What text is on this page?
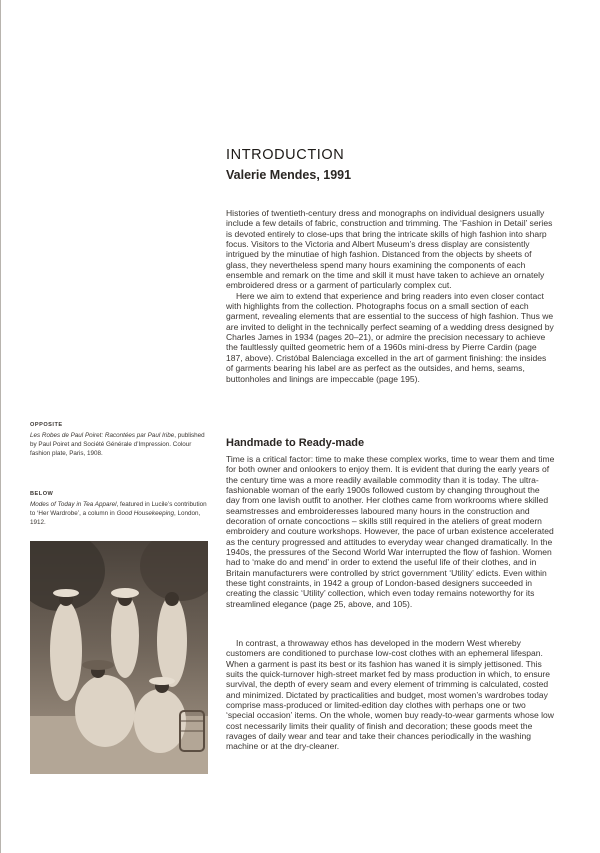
INTRODUCTION
Valerie Mendes, 1991

Histories of twentieth-century dress and monographs on individual designers usually include a few details of fabric, construction and trimming. The ‘Fashion in Detail’ series is devoted entirely to close-ups that bring the intricate skills of high fashion into sharp focus. Visitors to the Victoria and Albert Museum’s dress display are consistently intrigued by the minutiae of high fashion. Distanced from the objects by sheets of glass, they nevertheless spend many hours examining the components of each ensemble and remark on the time and skill it must have taken to achieve an ornately embroidered dress or a garment of particularly complex cut.

Here we aim to extend that experience and bring readers into even closer contact with highlights from the collection. Photographs focus on a small section of each garment, revealing elements that are essential to the success of high fashion. Thus we are invited to delight in the technically perfect seaming of a wedding dress designed by Charles James in 1934 (pages 20–21), or admire the precision necessary to achieve the faultlessly quilted geometric hem of a 1960s mini-dress by Pierre Cardin (page 187, above). Cristóbal Balenciaga excelled in the art of garment finishing: the insides of garments bearing his label are as perfect as the outsides, and hems, seams, buttonholes and linings are impeccable (page 195).

Handmade to Ready-made

Time is a critical factor: time to make these complex works, time to wear them and time for both owner and onlookers to enjoy them. It is evident that during the early years of the century time was a more readily available commodity than it is today. The ultra-fashionable woman of the early 1900s followed custom by changing throughout the day from one lavish outfit to another. Her clothes came from workrooms where skilled seamstresses and embroideresses laboured many hours in the construction and decoration of ornate concoctions – skills still required in the ateliers of great modern embroidery and couture workshops. However, the pace of urban existence accelerated as the century progressed and attitudes to everyday wear changed dramatically. In the 1940s, the pressures of the Second World War interrupted the flow of fashion. Women had to ‘make do and mend’ in order to extend the useful life of their clothes, and in Britain manufacturers were controlled by strict government ‘Utility’ edicts. Even within these tight constraints, in 1942 a group of London-based designers succeeded in creating the classic ‘Utility’ collection, which even today remains noteworthy for its streamlined elegance (page 25, above, and 105).

In contrast, a throwaway ethos has developed in the modern West whereby customers are conditioned to purchase low-cost clothes with an ephemeral lifespan. When a garment is past its best or its fashion has waned it is simply jettisoned. This suits the quick-turnover high-street market fed by mass production in which, to ensure survival, the depth of every seam and every element of trimming is calculated, costed and minimized. Dictated by practicalities and budget, most women’s wardrobes today comprise mass-produced or limited-edition day clothes with perhaps one or two ‘special occasion’ items. On the whole, women buy ready-to-wear garments whose low cost necessarily limits their quality of finish and decoration; these goods meet the ravages of daily wear and tear and take their chances periodically in the washing machine or at the dry-cleaner.

OPPOSITE
Les Robes de Paul Poiret: Racontées par Paul Iribe, published by Paul Poiret and Société Générale d’Impression. Colour fashion plate, Paris, 1908.
BELOW
Modes of Today in Tea Apparel, featured in Lucile’s contribution to ‘Her Wardrobe’, a column in Good Housekeeping, London, 1912.
